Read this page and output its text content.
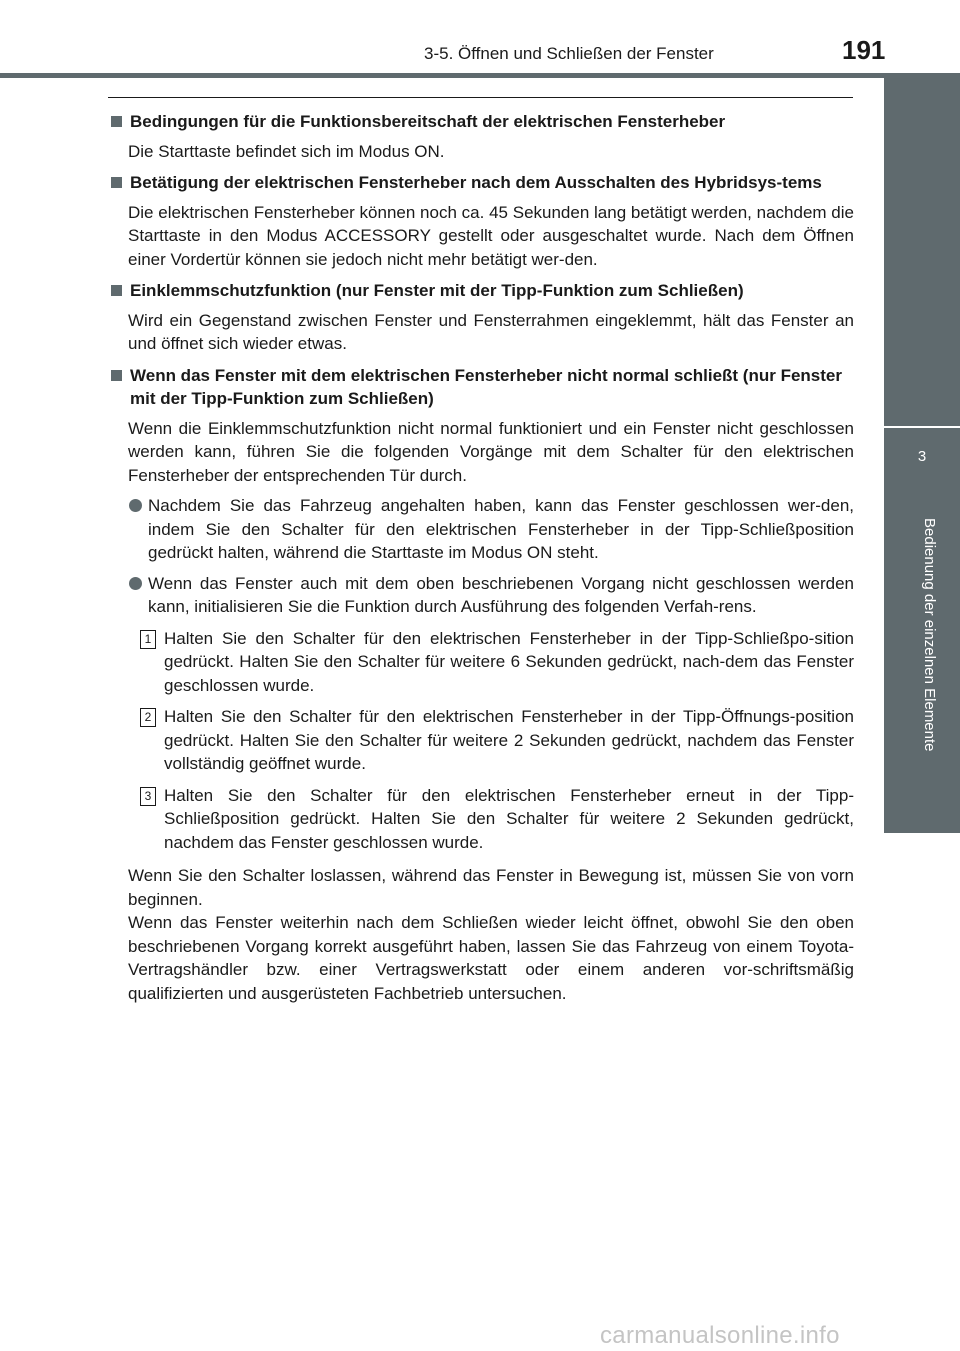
3-5. Öffnen und Schließen der Fenster	191
3
Bedienung der einzelnen Elemente
Bedingungen für die Funktionsbereitschaft der elektrischen Fensterheber
Die Starttaste befindet sich im Modus ON.
Betätigung der elektrischen Fensterheber nach dem Ausschalten des Hybridsys-tems
Die elektrischen Fensterheber können noch ca. 45 Sekunden lang betätigt werden, nachdem die Starttaste in den Modus ACCESSORY gestellt oder ausgeschaltet wurde. Nach dem Öffnen einer Vordertür können sie jedoch nicht mehr betätigt wer-den.
Einklemmschutzfunktion (nur Fenster mit der Tipp-Funktion zum Schließen)
Wird ein Gegenstand zwischen Fenster und Fensterrahmen eingeklemmt, hält das Fenster an und öffnet sich wieder etwas.
Wenn das Fenster mit dem elektrischen Fensterheber nicht normal schließt (nur Fenster mit der Tipp-Funktion zum Schließen)
Wenn die Einklemmschutzfunktion nicht normal funktioniert und ein Fenster nicht geschlossen werden kann, führen Sie die folgenden Vorgänge mit dem Schalter für den elektrischen Fensterheber der entsprechenden Tür durch.
Nachdem Sie das Fahrzeug angehalten haben, kann das Fenster geschlossen wer-den, indem Sie den Schalter für den elektrischen Fensterheber in der Tipp-Schließposition gedrückt halten, während die Starttaste im Modus ON steht.
Wenn das Fenster auch mit dem oben beschriebenen Vorgang nicht geschlossen werden kann, initialisieren Sie die Funktion durch Ausführung des folgenden Verfah-rens.
1 Halten Sie den Schalter für den elektrischen Fensterheber in der Tipp-Schließpo-sition gedrückt. Halten Sie den Schalter für weitere 6 Sekunden gedrückt, nach-dem das Fenster geschlossen wurde.
2 Halten Sie den Schalter für den elektrischen Fensterheber in der Tipp-Öffnungs-position gedrückt. Halten Sie den Schalter für weitere 2 Sekunden gedrückt, nachdem das Fenster vollständig geöffnet wurde.
3 Halten Sie den Schalter für den elektrischen Fensterheber erneut in der Tipp-Schließposition gedrückt. Halten Sie den Schalter für weitere 2 Sekunden gedrückt, nachdem das Fenster geschlossen wurde.

Wenn Sie den Schalter loslassen, während das Fenster in Bewegung ist, müssen Sie von vorn beginnen.

Wenn das Fenster weiterhin nach dem Schließen wieder leicht öffnet, obwohl Sie den oben beschriebenen Vorgang korrekt ausgeführt haben, lassen Sie das Fahrzeug von einem Toyota-Vertragshändler bzw. einer Vertragswerkstatt oder einem anderen vor-schriftsmäßig qualifizierten und ausgerüsteten Fachbetrieb untersuchen.

carmanualsonline.info
